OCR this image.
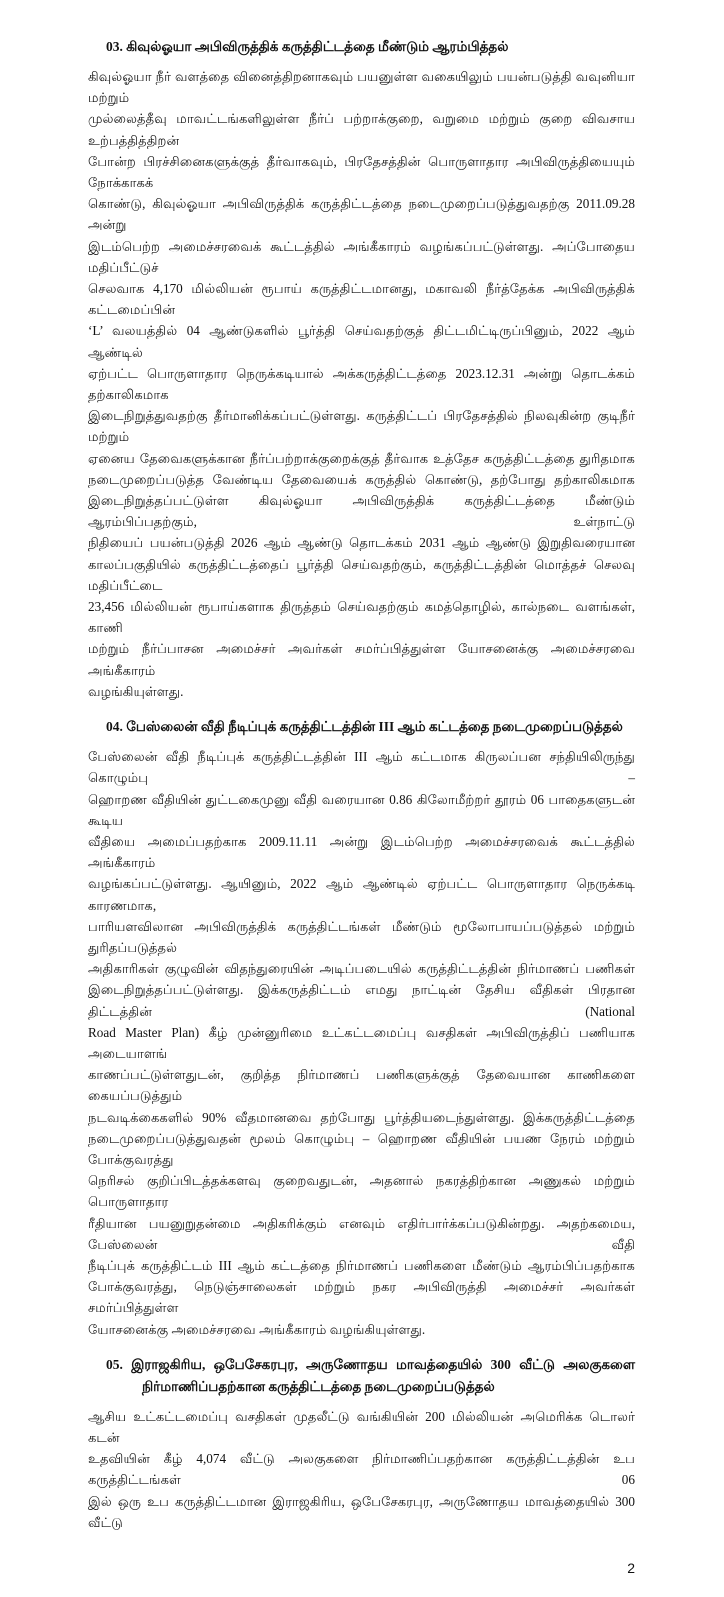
03. கிவுல்ஓயா அபிவிருத்திக் கருத்திட்டத்தை மீண்டும் ஆரம்பித்தல்
கிவுல்ஓயா நீர் வளத்தை வினைத்திறனாகவும் பயனுள்ள வகையிலும் பயன்படுத்தி வவுனியா மற்றும்
முல்லைத்தீவு மாவட்டங்களிலுள்ள நீர்ப் பற்றாக்குறை, வறுமை மற்றும் குறை விவசாய உற்பத்தித்திறன்
போன்ற பிரச்சினைகளுக்குத் தீர்வாகவும், பிரதேசத்தின் பொருளாதார அபிவிருத்தியையும் நோக்காகக்
கொண்டு, கிவுல்ஓயா அபிவிருத்திக் கருத்திட்டத்தை நடைமுறைப்படுத்துவதற்கு 2011.09.28 அன்று
இடம்பெற்ற அமைச்சரவைக் கூட்டத்தில் அங்கீகாரம் வழங்கப்பட்டுள்ளது. அப்போதைய மதிப்பீட்டுச்
செலவாக 4,170 மில்லியன் ரூபாய் கருத்திட்டமானது, மகாவலி நீர்த்தேக்க அபிவிருத்திக் கட்டமைப்பின்
‘L’ வலயத்தில் 04 ஆண்டுகளில் பூர்த்தி செய்வதற்குத் திட்டமிட்டிருப்பினும், 2022 ஆம் ஆண்டில்
ஏற்பட்ட பொருளாதார நெருக்கடியால் அக்கருத்திட்டத்தை 2023.12.31 அன்று தொடக்கம் தற்காலிகமாக
இடைநிறுத்துவதற்கு தீர்மானிக்கப்பட்டுள்ளது. கருத்திட்டப் பிரதேசத்தில் நிலவுகின்ற குடிநீர் மற்றும்
ஏனைய தேவைகளுக்கான நீர்ப்பற்றாக்குறைக்குத் தீர்வாக உத்தேச கருத்திட்டத்தை துரிதமாக
நடைமுறைப்படுத்த வேண்டிய தேவையைக் கருத்தில் கொண்டு, தற்போது தற்காலிகமாக
இடைநிறுத்தப்பட்டுள்ள கிவுல்ஓயா அபிவிருத்திக் கருத்திட்டத்தை மீண்டும் ஆரம்பிப்பதற்கும், உள்நாட்டு
நிதியைப் பயன்படுத்தி 2026 ஆம் ஆண்டு தொடக்கம் 2031 ஆம் ஆண்டு இறுதிவரையான
காலப்பகுதியில் கருத்திட்டத்தைப் பூர்த்தி செய்வதற்கும், கருத்திட்டத்தின் மொத்தச் செலவு மதிப்பீட்டை
23,456 மில்லியன் ரூபாய்களாக திருத்தம் செய்வதற்கும் கமத்தொழில், கால்நடை வளங்கள், காணி
மற்றும் நீர்ப்பாசன அமைச்சர் அவர்கள் சமர்ப்பித்துள்ள யோசனைக்கு அமைச்சரவை அங்கீகாரம்
வழங்கியுள்ளது.
04. பேஸ்லைன் வீதி நீடிப்புக் கருத்திட்டத்தின் III ஆம் கட்டத்தை நடைமுறைப்படுத்தல்
பேஸ்லைன் வீதி நீடிப்புக் கருத்திட்டத்தின் III ஆம் கட்டமாக கிருலப்பன சந்தியிலிருந்து கொழும்பு –
ஹொறண வீதியின் துட்டகைமுனு வீதி வரையான 0.86 கிலோமீற்றர் தூரம் 06 பாதைகளுடன் கூடிய
வீதியை அமைப்பதற்காக 2009.11.11 அன்று இடம்பெற்ற அமைச்சரவைக் கூட்டத்தில் அங்கீகாரம்
வழங்கப்பட்டுள்ளது. ஆயினும், 2022 ஆம் ஆண்டில் ஏற்பட்ட பொருளாதார நெருக்கடி காரணமாக,
பாரியளவிலான அபிவிருத்திக் கருத்திட்டங்கள் மீண்டும் மூலோபாயப்படுத்தல் மற்றும் துரிதப்படுத்தல்
அதிகாரிகள் குழுவின் விதந்துரையின் அடிப்படையில் கருத்திட்டத்தின் நிர்மாணப் பணிகள்
இடைநிறுத்தப்பட்டுள்ளது. இக்கருத்திட்டம் எமது நாட்டின் தேசிய வீதிகள் பிரதான திட்டத்தின் (National
Road Master Plan) கீழ் முன்னுரிமை உட்கட்டமைப்பு வசதிகள் அபிவிருத்திப் பணியாக அடையாளங்
காணப்பட்டுள்ளதுடன், குறித்த நிர்மாணப் பணிகளுக்குத் தேவையான காணிகளை கையப்படுத்தும்
நடவடிக்கைகளில் 90% வீதமானவை தற்போது பூர்த்தியடைந்துள்ளது. இக்கருத்திட்டத்தை
நடைமுறைப்படுத்துவதன் மூலம் கொழும்பு – ஹொறண வீதியின் பயண நேரம் மற்றும் போக்குவரத்து
நெரிசல் குறிப்பிடத்தக்களவு குறைவதுடன், அதனால் நகரத்திற்கான அணுகல் மற்றும் பொருளாதார
ரீதியான பயனுறுதன்மை அதிகரிக்கும் எனவும் எதிர்பார்க்கப்படுகின்றது. அதற்கமைய, பேஸ்லைன் வீதி
நீடிப்புக் கருத்திட்டம் III ஆம் கட்டத்தை நிர்மாணப் பணிகளை மீண்டும் ஆரம்பிப்பதற்காக
போக்குவரத்து, நெடுஞ்சாலைகள் மற்றும் நகர அபிவிருத்தி அமைச்சர் அவர்கள் சமர்ப்பித்துள்ள
யோசனைக்கு அமைச்சரவை அங்கீகாரம் வழங்கியுள்ளது.
05. இராஜகிரிய, ஒபேசேகரபுர, அருணோதய மாவத்தையில் 300 வீட்டு அலகுகளை
நிர்மாணிப்பதற்கான கருத்திட்டத்தை நடைமுறைப்படுத்தல்
ஆசிய உட்கட்டமைப்பு வசதிகள் முதலீட்டு வங்கியின் 200 மில்லியன் அமெரிக்க டொலர் கடன்
உதவியின் கீழ் 4,074 வீட்டு அலகுகளை நிர்மாணிப்பதற்கான கருத்திட்டத்தின் உப கருத்திட்டங்கள் 06
இல் ஒரு உப கருத்திட்டமான இராஜகிரிய, ஒபேசேகரபுர, அருணோதய மாவத்தையில் 300 வீட்டு
2
